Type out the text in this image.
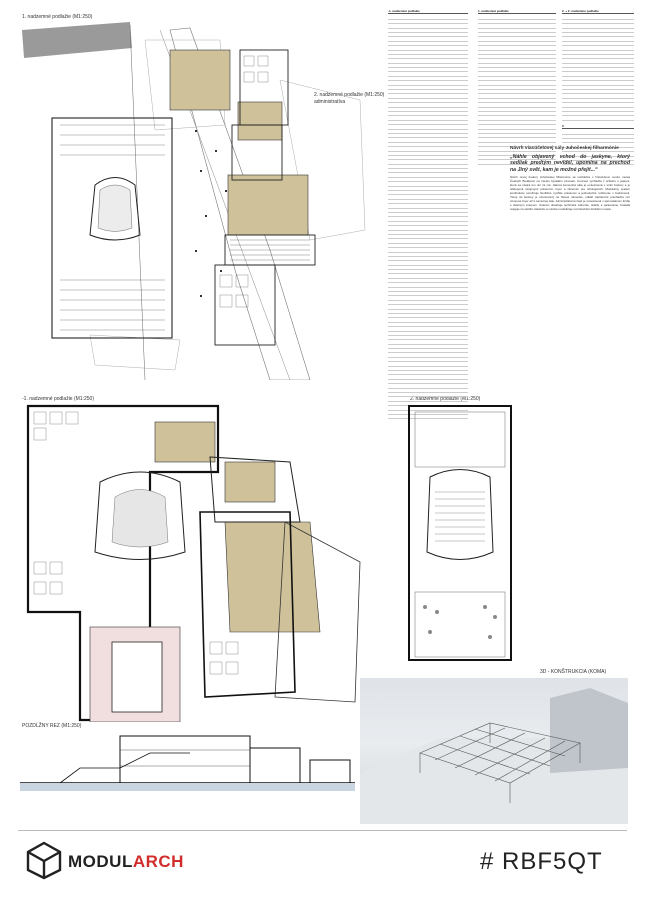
1. nadzemné podlažie (M1:250)
2. nadzemné podlažie (M1:250)
administratíva
-1. nadzemné podlažie (M1:250)	2. nadzemné podlažie (M1:250)
POZDĹŽNY REZ (M1:250)
3D - KONŠTRUKCIA (KOMA)
-1. nadzemné podlažie	1. nadzemné podlažie	2. + 2. nadzemné podlažie
2.
Návrh viacúčelovej sály Juhočeskej filharmónie
„Náhle objavený vchod do jaskyne, ktorý sedliak predtým nevidel, upomína na prechod na Jiný svět, kam je možné přejít...“
Návrh novej budovy Juhočeskej filharmónie sa nachádza v historickom centre mesta Českých Budějovic na mieste bývalého pivovaru. Koncept vychádza z príbehu o jaskyni, ktorá sa otvára len raz za rok. Hlavná koncertná sála je umiestnená v srdci budovy a je obklopená vstupnými priestormi, foyer a zázemím pre účinkujúcich. Modulárny systém konštrukcie umožňuje flexibilné využitie priestorov a jednoduché rozšírenie v budúcnosti. Vstup do budovy je orientovaný na hlavné námestie, odkiaľ návštevník prechádza cez otvorené foyer až k samotnej sále. Administratívna časť je umiestnená v samostatnom krídle s vlastným vstupom. Suterén obsahuje technické zázemie, sklady a parkovanie. Fasáda reaguje na okolitú zástavbu a mierkou nadväzuje na historickú štruktúru mesta.
MODULARCH	# RBF5QT
